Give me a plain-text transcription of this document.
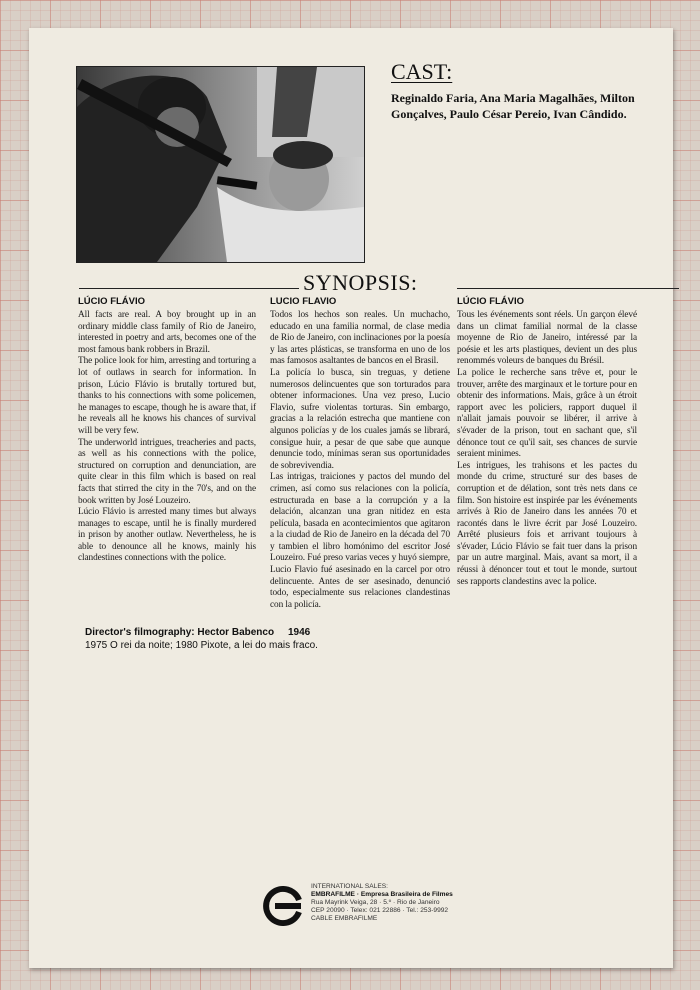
CAST:

Reginaldo Faria, Ana Maria Magalhães, Milton Gonçalves, Paulo César Pereio, Ivan Cândido.

SYNOPSIS:
LÚCIO FLÁVIO

All facts are real. A boy brought up in an ordinary middle class family of Rio de Janeiro, interested in poetry and arts, becomes one of the most famous bank robbers in Brazil.

The police look for him, arresting and torturing a lot of outlaws in search for information. In prison, Lúcio Flávio is brutally tortured but, thanks to his connections with some policemen, he manages to escape, though he is aware that, if he reveals all he knows his chances of survival will be very few.

The underworld intrigues, treacheries and pacts, as well as his connections with the police, structured on corruption and denunciation, are quite clear in this film which is based on real facts that stirred the city in the 70's, and on the book written by José Louzeiro.

Lúcio Flávio is arrested many times but always manages to escape, until he is finally murdered in prison by another outlaw. Nevertheless, he is able to denounce all he knows, mainly his clandestines connections with the police.

LUCIO FLAVIO

Todos los hechos son reales. Un muchacho, educado en una familia normal, de clase media de Rio de Janeiro, con inclinaciones por la poesía y las artes plásticas, se transforma en uno de los mas famosos asaltantes de bancos en el Brasil.

La policía lo busca, sin treguas, y detiene numerosos delincuentes que son torturados para obtener informaciones. Una vez preso, Lucio Flavio, sufre violentas torturas. Sin embargo, gracias a la relación estrecha que mantiene con algunos policías y de los cuales jamás se librará, consigue huir, a pesar de que sabe que aunque denuncie todo, mínimas seran sus oportunidades de sobrevivendia.

Las intrigas, traiciones y pactos del mundo del crimen, así como sus relaciones con la policía, estructurada en base a la corrupción y a la delación, alcanzan una gran nitidez en esta película, basada en acontecimientos que agitaron a la ciudad de Rio de Janeiro en la década del 70 y tambien el libro homónimo del escritor José Louzeiro. Fué preso varias veces y huyó siempre, Lucio Flavio fué asesinado en la carcel por otro delincuente. Antes de ser asesinado, denunció todo, especialmente sus relaciones clandestinas con la policía.

LÚCIO FLÁVIO

Tous les événements sont réels. Un garçon élevé dans un climat familial normal de la classe moyenne de Rio de Janeiro, intéressé par la poésie et les arts plastiques, devient un des plus renommés voleurs de banques du Brésil.

La police le recherche sans trêve et, pour le trouver, arrête des marginaux et le torture pour en obtenir des informations. Mais, grâce à un étroit rapport avec les policiers, rapport duquel il n'allait jamais pouvoir se libérer, il arrive à s'évader de la prison, tout en sachant que, s'il dénonce tout ce qu'il sait, ses chances de survie seraient minimes.

Les intrigues, les trahisons et les pactes du monde du crime, structuré sur des bases de corruption et de délation, sont très nets dans ce film. Son histoire est inspirée par les événements arrivés à Rio de Janeiro dans les années 70 et racontés dans le livre écrit par José Louzeiro. Arrêté plusieurs fois et arrivant toujours à s'évader, Lúcio Flávio se fait tuer dans la prison par un autre marginal. Mais, avant sa mort, il a réussi à dénoncer tout et tout le monde, surtout ses rapports clandestins avec la police.

Director's filmography: Hector Babenco 1946
1975 O rei da noite; 1980 Pixote, a lei do mais fraco.
INTERNATIONAL SALES:
EMBRAFILME · Empresa Brasileira de Filmes
Rua Mayrink Veiga, 28 · 5.º · Rio de Janeiro
CEP 20090 · Telex: 021 22886 · Tel.: 253-9992
CABLE EMBRAFILME
